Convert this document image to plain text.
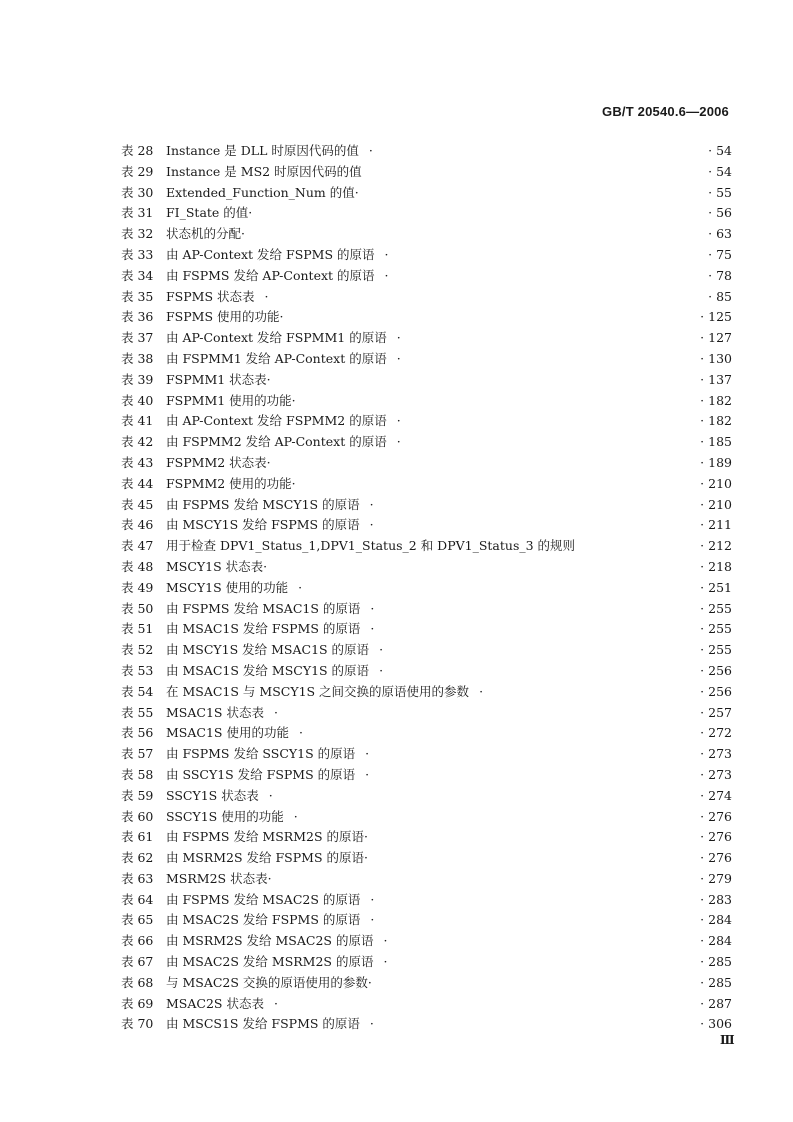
GB/T 20540.6—2006
表 28 Instance 是 DLL 时原因代码的值 ·	· 54
表 29 Instance 是 MS2 时原因代码的值	· 54
表 30 Extended_Function_Num 的值·	· 55
表 31 FI_State 的值·	· 56
表 32 状态机的分配·	· 63
表 33 由 AP-Context 发给 FSPMS 的原语 ·	· 75
表 34 由 FSPMS 发给 AP-Context 的原语 ·	· 78
表 35 FSPMS 状态表 ·	· 85
表 36 FSPMS 使用的功能·	· 125
表 37 由 AP-Context 发给 FSPMM1 的原语 ·	· 127
表 38 由 FSPMM1 发给 AP-Context 的原语 ·	· 130
表 39 FSPMM1 状态表·	· 137
表 40 FSPMM1 使用的功能·	· 182
表 41 由 AP-Context 发给 FSPMM2 的原语 ·	· 182
表 42 由 FSPMM2 发给 AP-Context 的原语 ·	· 185
表 43 FSPMM2 状态表·	· 189
表 44 FSPMM2 使用的功能·	· 210
表 45 由 FSPMS 发给 MSCY1S 的原语 ·	· 210
表 46 由 MSCY1S 发给 FSPMS 的原语 ·	· 211
表 47 用于检查 DPV1_Status_1,DPV1_Status_2 和 DPV1_Status_3 的规则	· 212
表 48 MSCY1S 状态表·	· 218
表 49 MSCY1S 使用的功能 ·	· 251
表 50 由 FSPMS 发给 MSAC1S 的原语 ·	· 255
表 51 由 MSAC1S 发给 FSPMS 的原语 ·	· 255
表 52 由 MSCY1S 发给 MSAC1S 的原语 ·	· 255
表 53 由 MSAC1S 发给 MSCY1S 的原语 ·	· 256
表 54 在 MSAC1S 与 MSCY1S 之间交换的原语使用的参数 ·	· 256
表 55 MSAC1S 状态表 ·	· 257
表 56 MSAC1S 使用的功能 ·	· 272
表 57 由 FSPMS 发给 SSCY1S 的原语 ·	· 273
表 58 由 SSCY1S 发给 FSPMS 的原语 ·	· 273
表 59 SSCY1S 状态表 ·	· 274
表 60 SSCY1S 使用的功能 ·	· 276
表 61 由 FSPMS 发给 MSRM2S 的原语·	· 276
表 62 由 MSRM2S 发给 FSPMS 的原语·	· 276
表 63 MSRM2S 状态表·	· 279
表 64 由 FSPMS 发给 MSAC2S 的原语 ·	· 283
表 65 由 MSAC2S 发给 FSPMS 的原语 ·	· 284
表 66 由 MSRM2S 发给 MSAC2S 的原语 ·	· 284
表 67 由 MSAC2S 发给 MSRM2S 的原语 ·	· 285
表 68 与 MSAC2S 交换的原语使用的参数·	· 285
表 69 MSAC2S 状态表 ·	· 287
表 70 由 MSCS1S 发给 FSPMS 的原语 ·	· 306
Ⅲ
